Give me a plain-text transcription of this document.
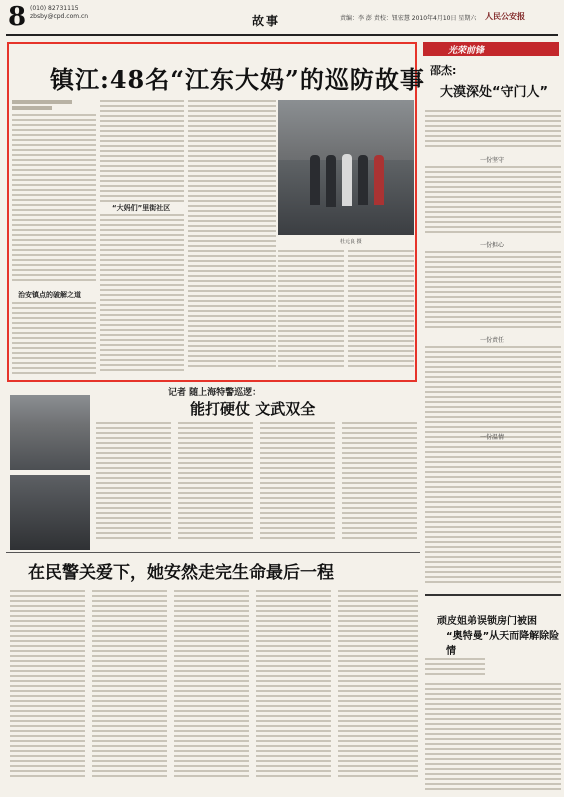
8 (010) 82731115
zbsby@cpd.com.cn	故事	责编：李 澎 责校：钮宏慧 2010年4月10日 星期六 人民公安报
镇江:48名“江东大妈”的巡防故事
治安镇点的破解之道
“大妈们”里街社区
杜元良 摄
光荣前锋
邵杰:
大漠深处“守门人”
一份坚守
一份担心
一份责任
一份温情
顽皮姐弟误锁房门被困
“奥特曼”从天而降解除险情
记者 随上海特警巡逻：
能打硬仗 文武双全
在民警关爱下，她安然走完生命最后一程
